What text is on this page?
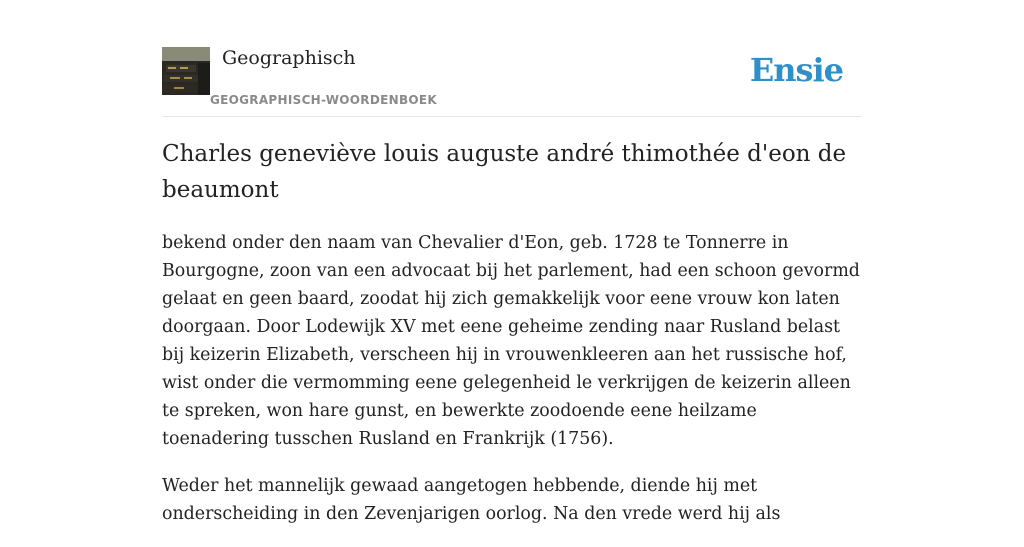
Geographisch
GEOGRAPHISCH-WOORDENBOEK
Ensie
Charles geneviève louis auguste andré thimothée d'eon de beaumont

bekend onder den naam van Chevalier d'Eon, geb. 1728 te Tonnerre in Bourgogne, zoon van een advocaat bij het parlement, had een schoon gevormd gelaat en geen baard, zoodat hij zich gemakkelijk voor eene vrouw kon laten doorgaan. Door Lodewijk XV met eene geheime zending naar Rusland belast bij keizerin Elizabeth, verscheen hij in vrouwenkleeren aan het russische hof, wist onder die vermomming eene gelegenheid le verkrijgen de keizerin alleen te spreken, won hare gunst, en bewerkte zoodoende eene heilzame toenadering tusschen Rusland en Frankrijk (1756).

Weder het mannelijk gewaad aangetogen hebbende, diende hij met onderscheiding in den Zevenjarigen oorlog. Na den vrede werd hij als
